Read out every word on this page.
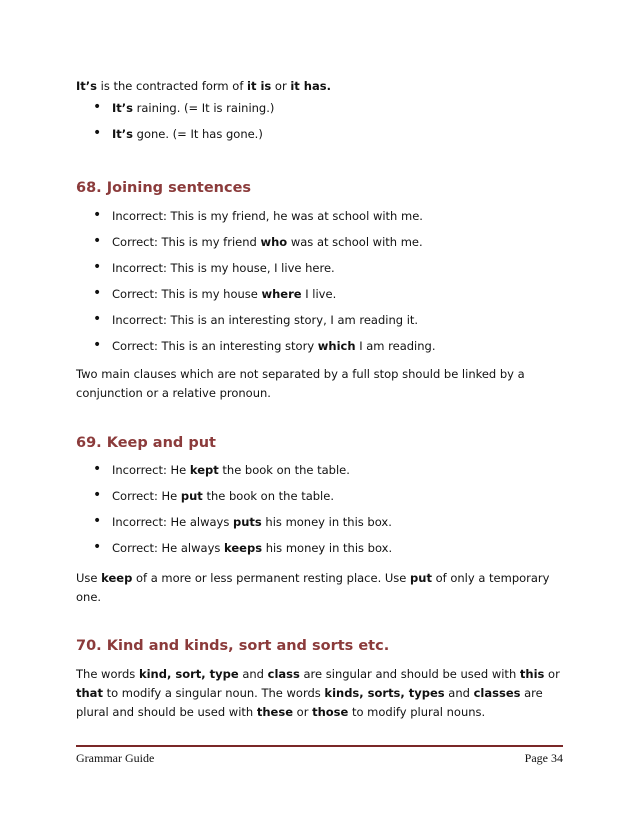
It’s is the contracted form of it is or it has.

• It’s raining. (= It is raining.)
• It’s gone. (= It has gone.)
68. Joining sentences
• Incorrect: This is my friend, he was at school with me.
• Correct: This is my friend who was at school with me.
• Incorrect: This is my house, I live here.
• Correct: This is my house where I live.
• Incorrect: This is an interesting story, I am reading it.
• Correct: This is an interesting story which I am reading.

Two main clauses which are not separated by a full stop should be linked by a conjunction or a relative pronoun.

69. Keep and put
• Incorrect: He kept the book on the table.
• Correct: He put the book on the table.
• Incorrect: He always puts his money in this box.
• Correct: He always keeps his money in this box.

Use keep of a more or less permanent resting place. Use put of only a temporary one.

70. Kind and kinds, sort and sorts etc.

The words kind, sort, type and class are singular and should be used with this or that to modify a singular noun. The words kinds, sorts, types and classes are plural and should be used with these or those to modify plural nouns.

Grammar Guide	Page 34
